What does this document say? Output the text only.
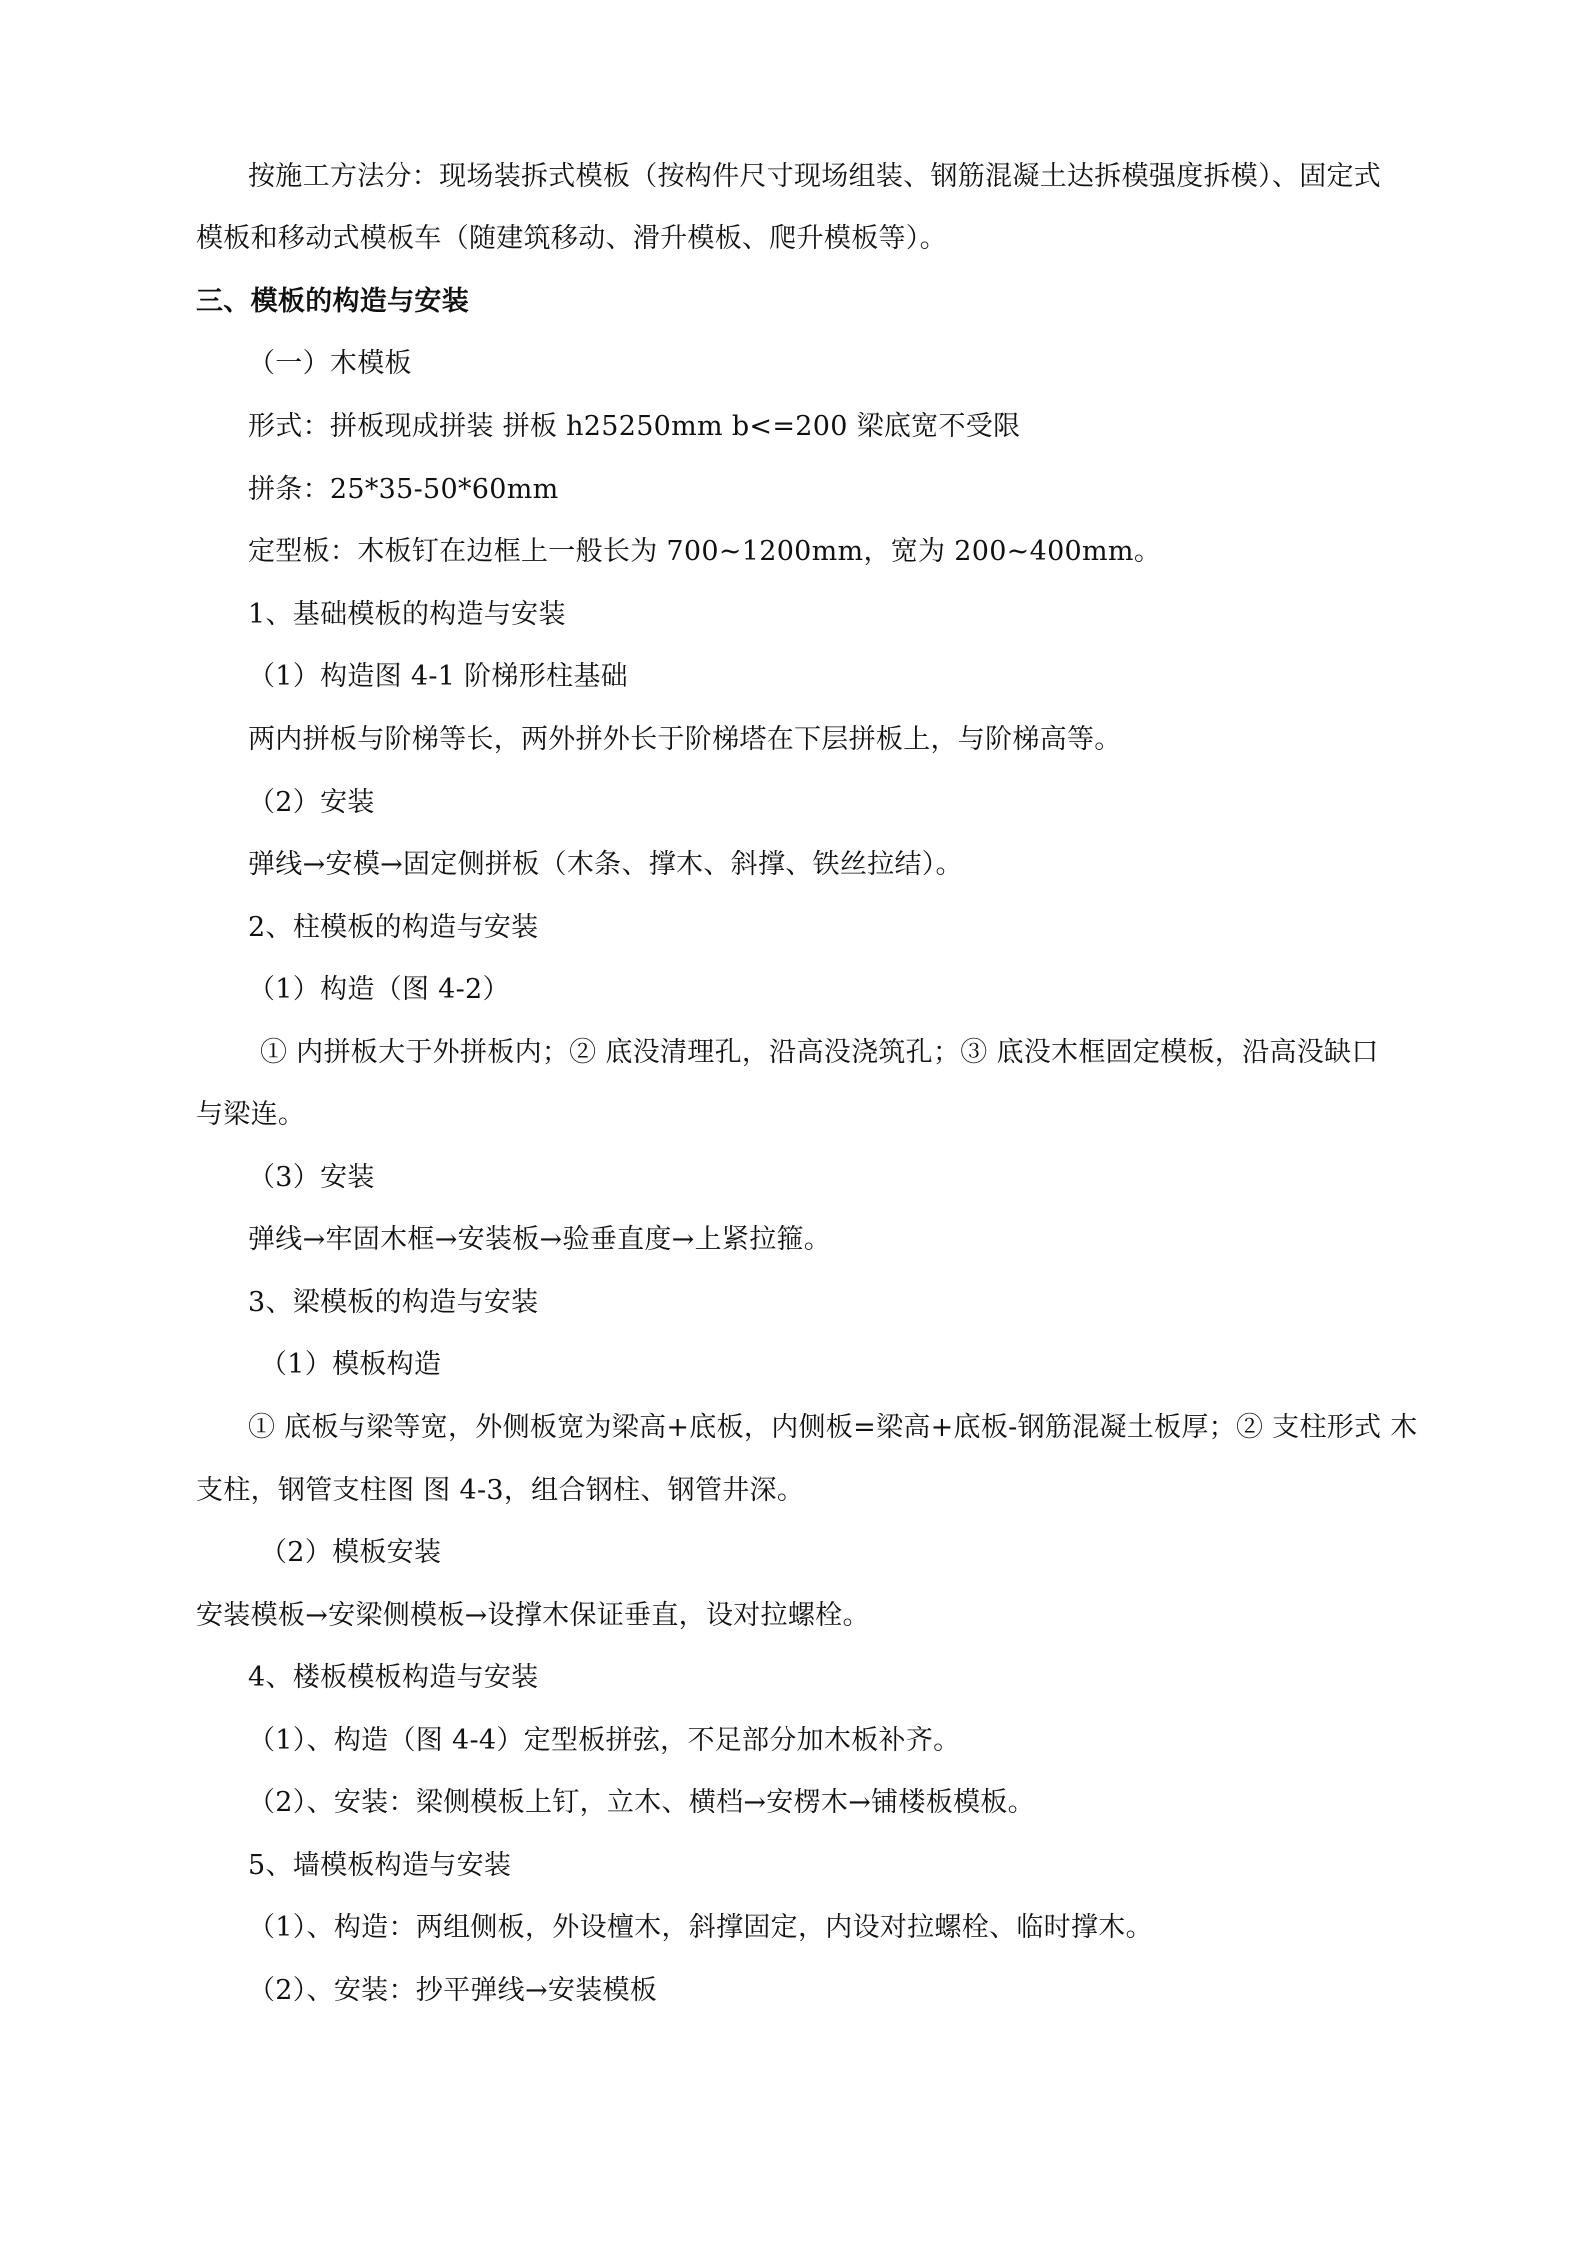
按施工方法分：现场装拆式模板（按构件尺寸现场组装、钢筋混凝土达拆模强度拆模）、固定式
模板和移动式模板车（随建筑移动、滑升模板、爬升模板等）。
三、模板的构造与安装
（一）木模板
形式：拼板现成拼装 拼板 h25250mm b<=200 梁底宽不受限
拼条：25*35-50*60mm
定型板：木板钉在边框上一般长为 700~1200mm，宽为 200~400mm。
1、基础模板的构造与安装
（1）构造图 4-1 阶梯形柱基础
两内拼板与阶梯等长，两外拼外长于阶梯塔在下层拼板上，与阶梯高等。
（2）安装
弹线→安模→固定侧拼板（木条、撑木、斜撑、铁丝拉结）。
2、柱模板的构造与安装
（1）构造（图 4-2）
① 内拼板大于外拼板内；② 底没清理孔，沿高没浇筑孔；③ 底没木框固定模板，沿高没缺口
与梁连。
（3）安装
弹线→牢固木框→安装板→验垂直度→上紧拉箍。
3、梁模板的构造与安装
（1）模板构造
① 底板与梁等宽，外侧板宽为梁高+底板，内侧板=梁高+底板-钢筋混凝土板厚；② 支柱形式 木
支柱，钢管支柱图 图 4-3，组合钢柱、钢管井深。
（2）模板安装
安装模板→安梁侧模板→设撑木保证垂直，设对拉螺栓。
4、楼板模板构造与安装
（1）、构造（图 4-4）定型板拼弦，不足部分加木板补齐。
（2）、安装：梁侧模板上钉，立木、横档→安楞木→铺楼板模板。
5、墙模板构造与安装
（1）、构造：两组侧板，外设檀木，斜撑固定，内设对拉螺栓、临时撑木。
（2）、安装：抄平弹线→安装模板
